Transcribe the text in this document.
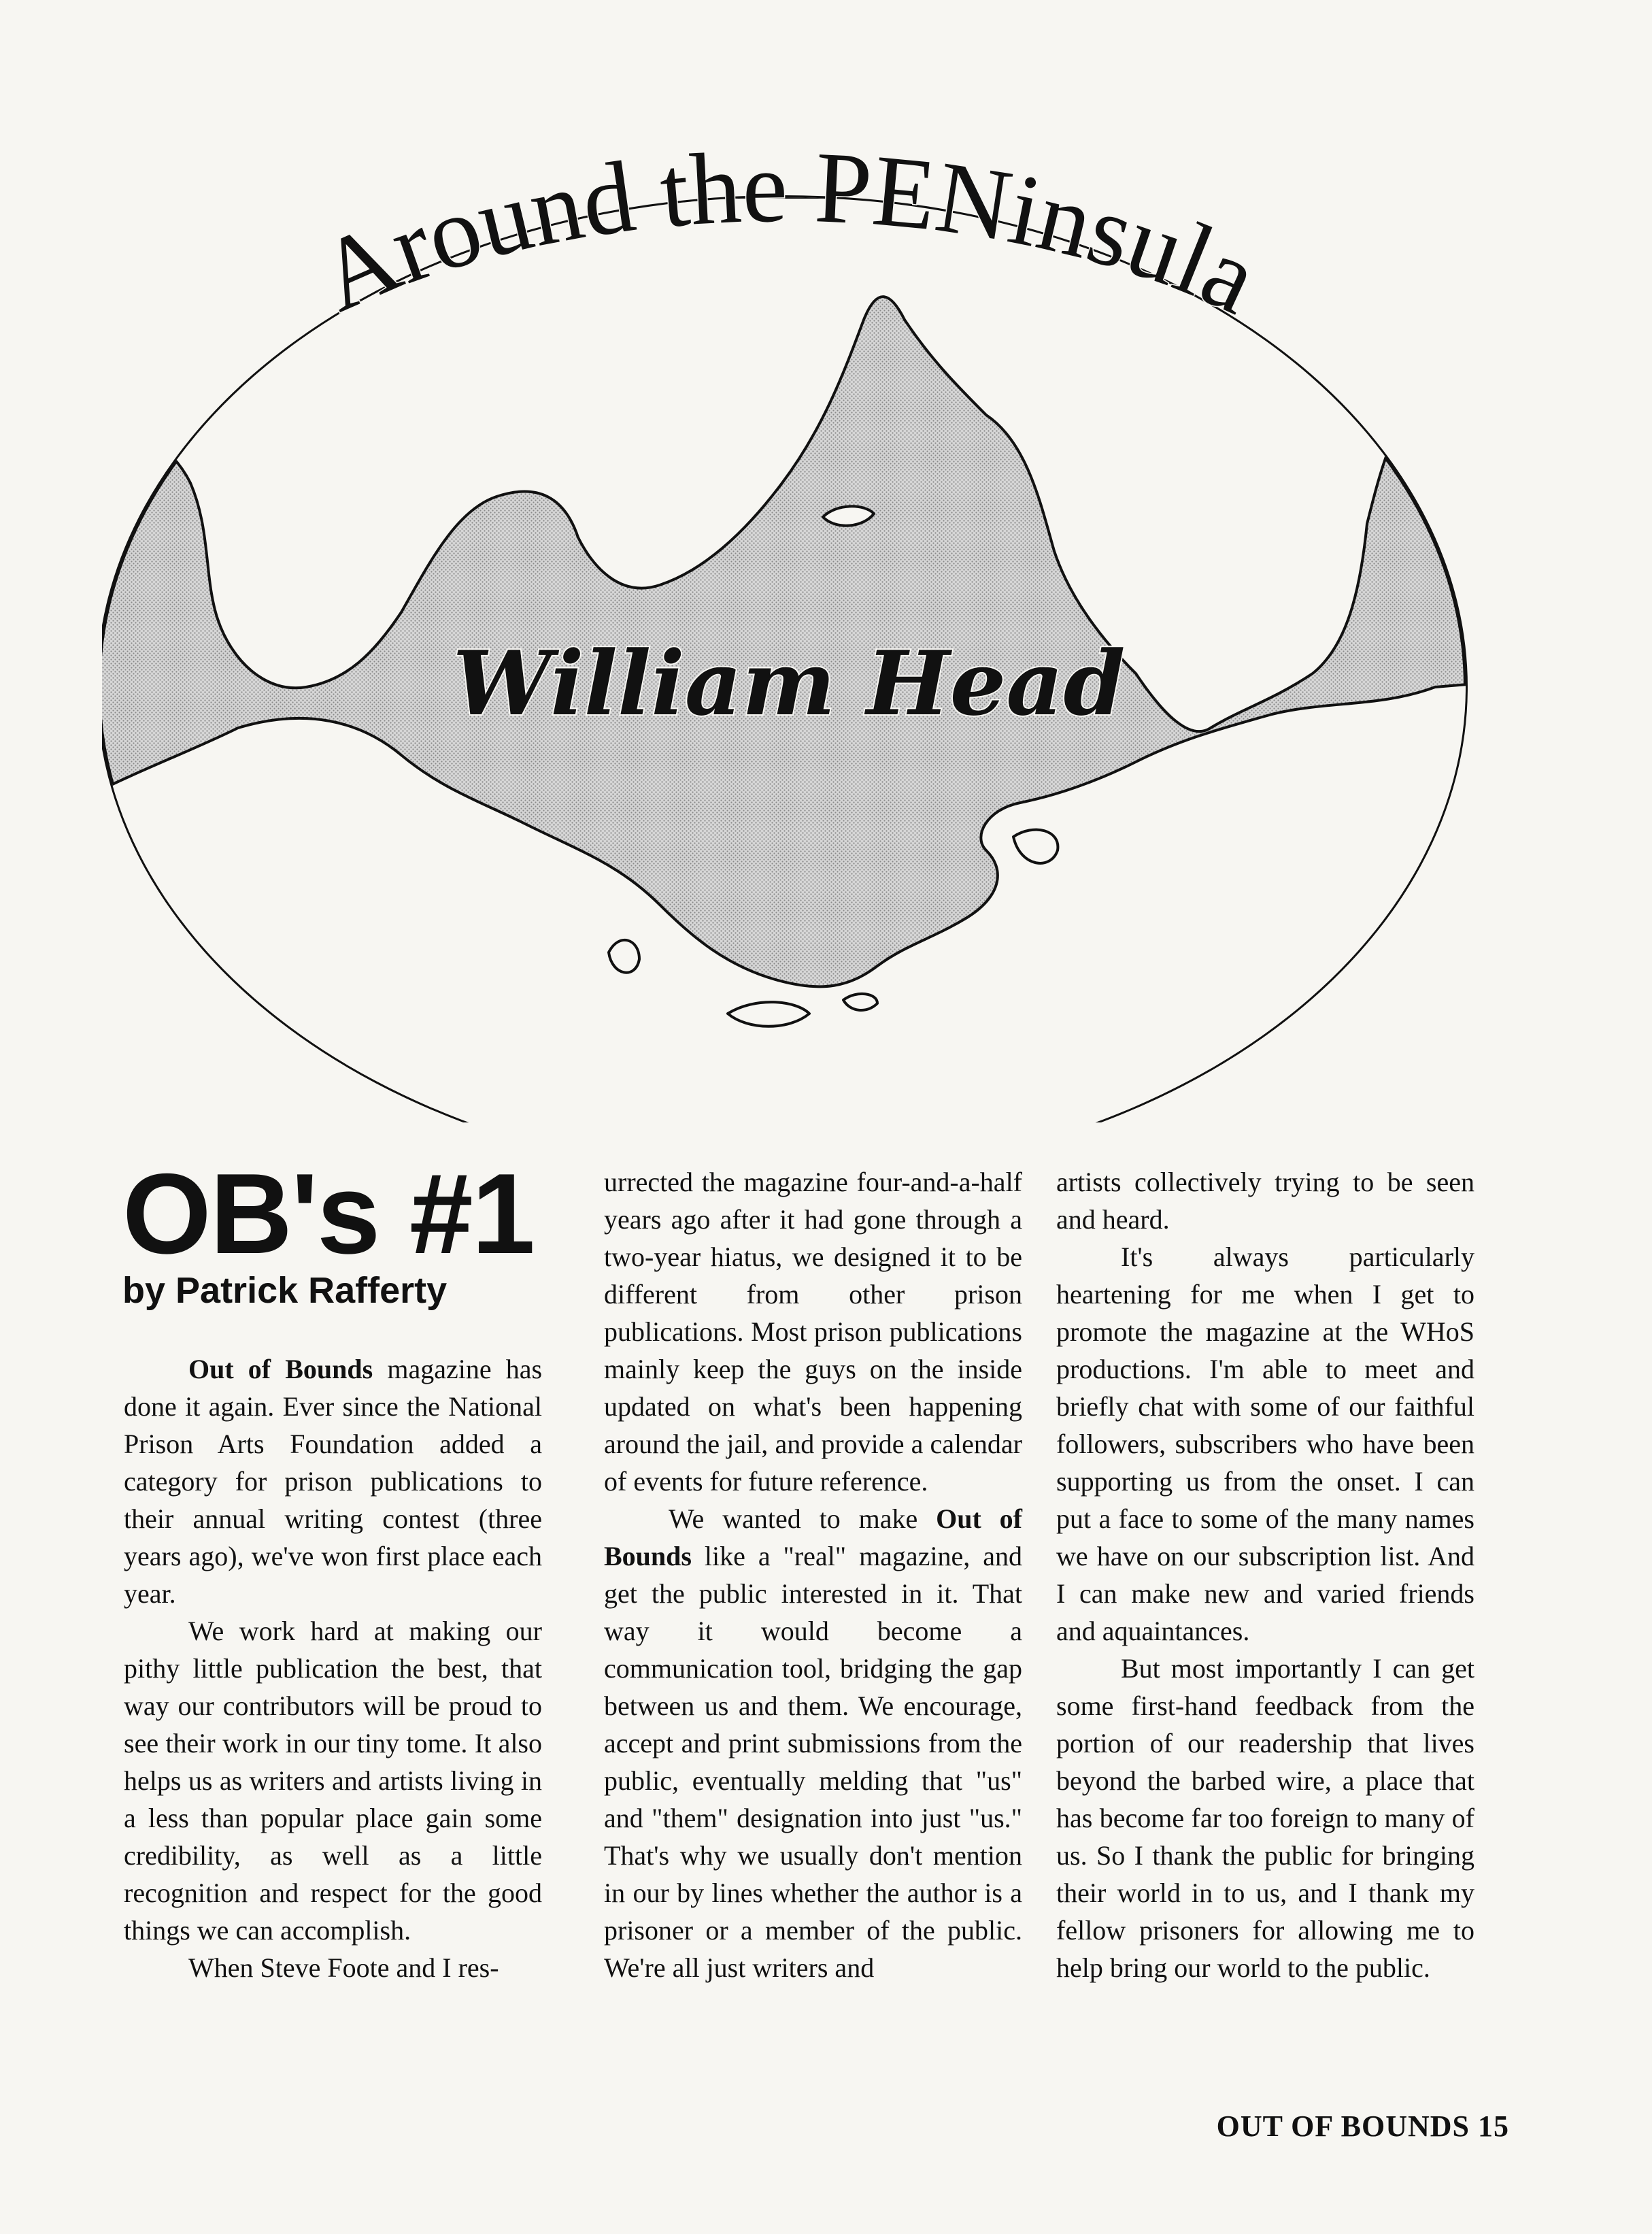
Around the PENinsula
William Head
OB's #1
by Patrick Rafferty

Out of Bounds magazine has done it again. Ever since the National Prison Arts Foundation added a category for prison publications to their annual writing contest (three years ago), we've won first place each year.

We work hard at making our pithy little publication the best, that way our contributors will be proud to see their work in our tiny tome. It also helps us as writers and artists living in a less than popular place gain some credibility, as well as a little recognition and respect for the good things we can accomplish.

When Steve Foote and I res-

urrected the magazine four-and-a-half years ago after it had gone through a two-year hiatus, we designed it to be different from other prison publications. Most prison publications mainly keep the guys on the inside updated on what's been happening around the jail, and provide a calendar of events for future reference.

We wanted to make Out of Bounds like a "real" magazine, and get the public interested in it. That way it would become a communication tool, bridging the gap between us and them. We encourage, accept and print submissions from the public, eventually melding that "us" and "them" designation into just "us." That's why we usually don't mention in our by lines whether the author is a prisoner or a member of the public. We're all just writers and

artists collectively trying to be seen and heard.

It's always particularly heartening for me when I get to promote the magazine at the WHoS productions. I'm able to meet and briefly chat with some of our faithful followers, subscribers who have been supporting us from the onset. I can put a face to some of the many names we have on our subscription list. And I can make new and varied friends and aquaintances.

But most importantly I can get some first-hand feedback from the portion of our readership that lives beyond the barbed wire, a place that has become far too foreign to many of us. So I thank the public for bringing their world in to us, and I thank my fellow prisoners for allowing me to help bring our world to the public.

OUT OF BOUNDS 15
